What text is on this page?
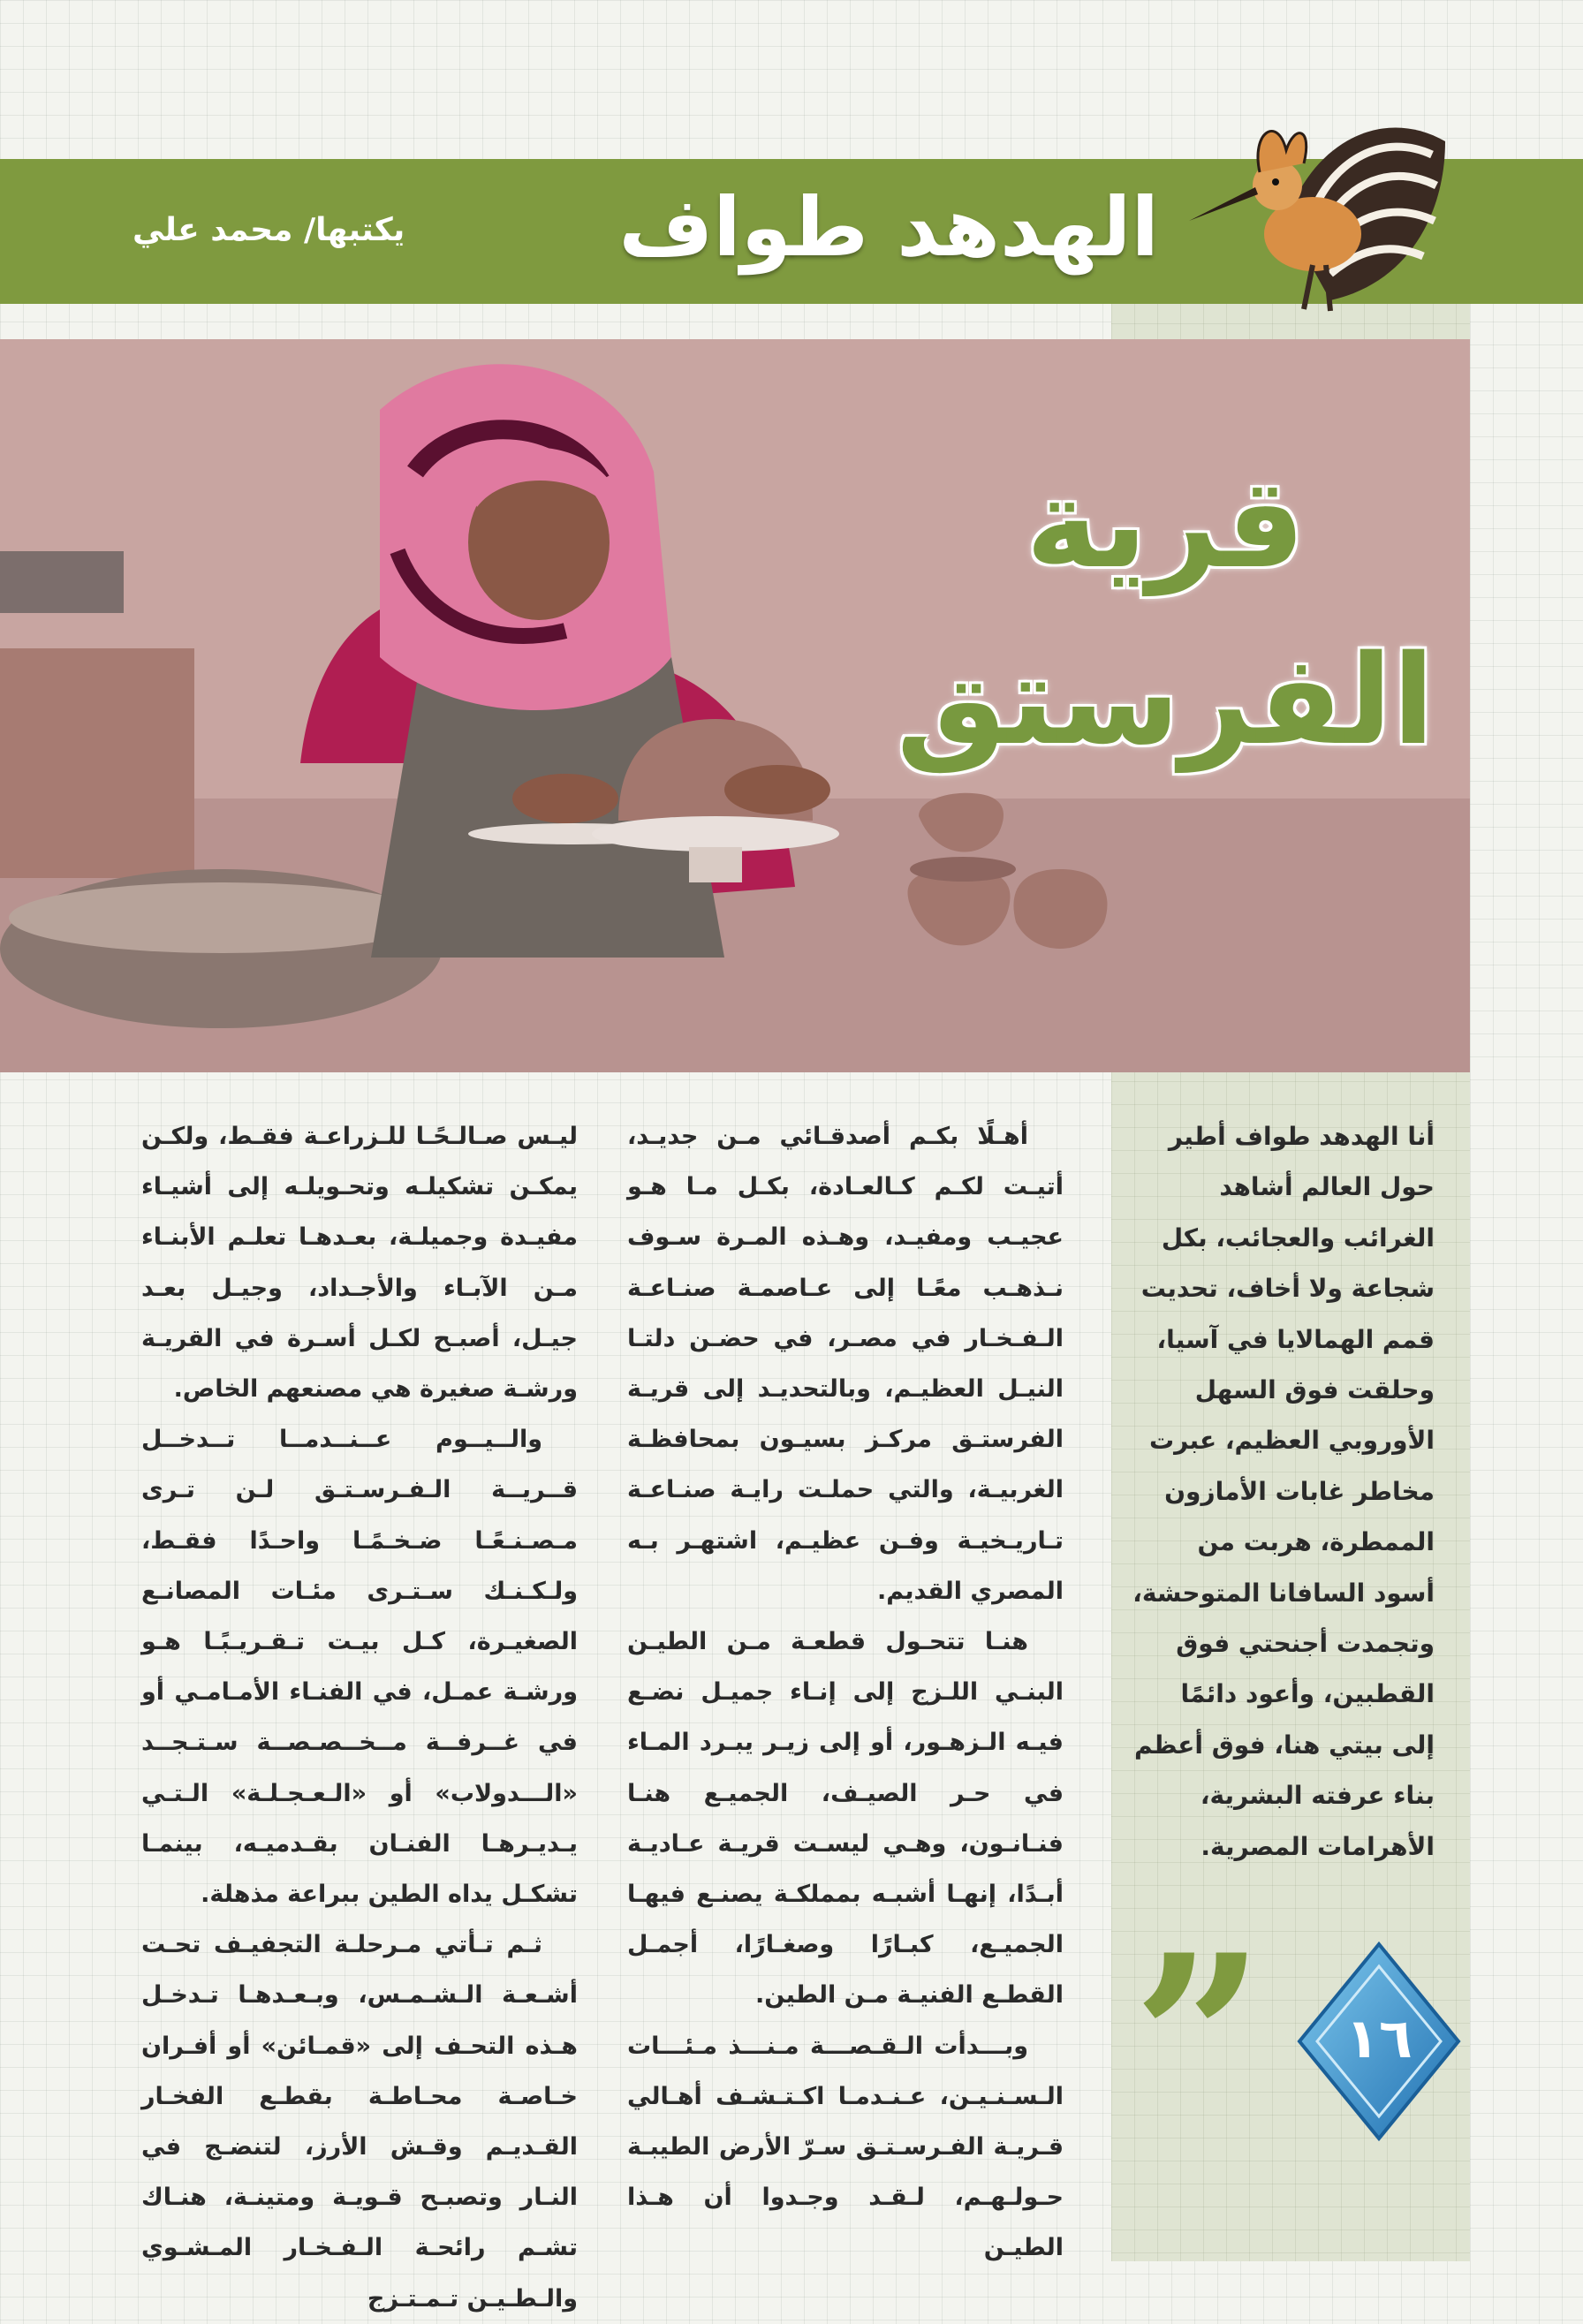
الهدهد طواف
يكتبها/ محمد علي
قرية
الفرستق

أنا الهدهد طواف أطير حول العالم أشاهد الغرائب والعجائب، بكل شجاعة ولا أخاف، تحديت قمم الهمالايا في آسيا، وحلقت فوق السهل الأوروبي العظيم، عبرت مخاطر غابات الأمازون الممطرة، هربت من أسود السافانا المتوحشة، وتجمدت أجنحتي فوق القطبين، وأعود دائمًا إلى بيتي هنا، فوق أعظم بناء عرفته البشرية، الأهرامات المصرية.

أهـلًا بكـم أصدقـائي مـن جديـد، أتيـت لكـم كـالعـادة، بكـل مـا هـو عجيـب ومفيـد، وهـذه المـرة سـوف نـذهـب معًـا إلى عـاصمـة صنـاعـة الـفـخـار في مصـر، في حضـن دلتـا النيـل العظيـم، وبالتحديـد إلى قريـة الفرستـق مركـز بسيـون بمحافظـة الغربيـة، والتي حملـت رايـة صنـاعـة تـاريـخيـة وفـن عظيـم، اشتهـر بـه المصري القديم.

هنـا تتحـول قطعـة مـن الطيـن البنـي اللـزج إلى إنـاء جميـل نضـع فيـه الـزهـور، أو إلى زيـر يبـرد المـاء في حـر الصيـف، الجميـع هنـا فنـانـون، وهـي ليسـت قريـة عـاديـة أبـدًا، إنهـا أشبـه بمملكـة يصنـع فيهـا الجميـع، كبـارًا وصغـارًا، أجمـل القطـع الفنيـة مـن الطين.

وبـــدأت الـقـصـــة مـنـــذ مـئـــات الـسـنـيـن، عـنـدمـا اكـتـشـف أهـالي قـريـة الفـرسـتـق سـرّ الأرض الطيبـة حـولـهـم، لـقـد وجـدوا أن هـذا الطيـن

ليـس صـالـحًـا للـزراعـة فقـط، ولكـن يمكـن تشكيلـه وتحـويلـه إلى أشيـاء مفيـدة وجميلـة، بعـدهـا تعلـم الأبنـاء مـن الآبـاء والأجـداد، وجيـل بعـد جيـل، أصبـح لكـل أسـرة في القريـة ورشـة صغيرة هي مصنعهم الخاص.

والــيــوم عــنــدمــا تــدخــل قــريــة الـفـرسـتـق لـن تـرى مـصـنـعًـا ضـخـمًـا واحـدًا فقـط، ولـكـنـك سـتـرى مئـات المصانـع الصغيـرة، كـل بيـت تـقـريـبًـا هـو ورشـة عمـل، في الفنـاء الأمـامـي أو في غــرفــة مــخــصـصــة سـتـجــد «الـــدولاب» أو «الـعـجـلـة» الـتـي يـديـرهـا الفنـان بقـدميـه، بينمـا تشكـل يداه الطين ببراعة مذهلة.

ثـم تـأتي مـرحلـة التجفيـف تحـت أشـعـة الـشـمـس، وبـعـدهـا تـدخـل هـذه التحـف إلى «قمـائن» أو أفـران خـاصـة محـاطـة بقطـع الفخـار القـديـم وقـش الأرز، لتنضـج في النـار وتصبـح قـويـة ومتينـة، هنـاك تشـم رائحـة الـفـخـار المـشـوي والـطـيـن تـمـتـزج

”	١٦
